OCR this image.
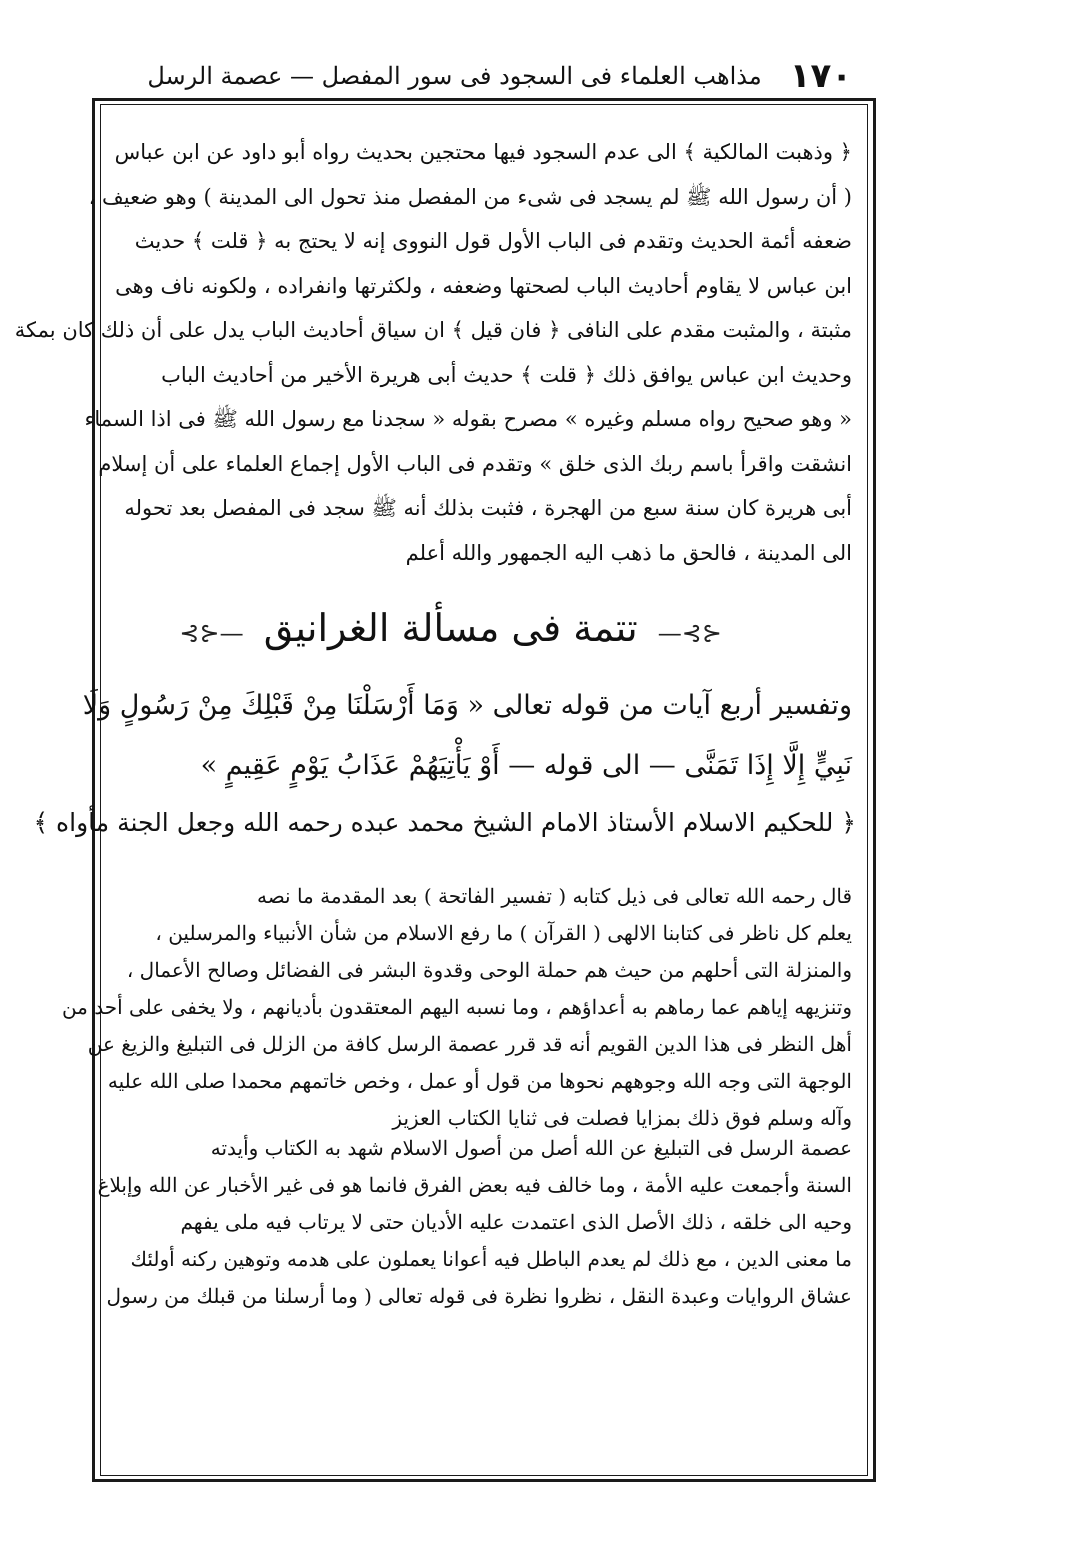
١٧٠
مذاهب العلماء فى السجود فى سور المفصل — عصمة الرسل
﴿ وذهبت المالكية ﴾ الى عدم السجود فيها محتجين بحديث رواه أبو داود عن ابن عباس
( أن رسول الله ﷺ لم يسجد فى شىء من المفصل منذ تحول الى المدينة ) وهو ضعيف ،
ضعفه أئمة الحديث وتقدم فى الباب الأول قول النووى إنه لا يحتج به ﴿ قلت ﴾ حديث
ابن عباس لا يقاوم أحاديث الباب لصحتها وضعفه ، ولكثرتها وانفراده ، ولكونه ناف وهى
مثبتة ، والمثبت مقدم على النافى ﴿ فان قيل ﴾ ان سياق أحاديث الباب يدل على أن ذلك كان بمكة
وحديث ابن عباس يوافق ذلك ﴿ قلت ﴾ حديث أبى هريرة الأخير من أحاديث الباب
« وهو صحيح رواه مسلم وغيره » مصرح بقوله « سجدنا مع رسول الله ﷺ فى اذا السماء
انشقت واقرأ باسم ربك الذى خلق » وتقدم فى الباب الأول إجماع العلماء على أن إسلام
أبى هريرة كان سنة سبع من الهجرة ، فثبت بذلك أنه ﷺ سجد فى المفصل بعد تحوله
الى المدينة ، فالحق ما ذهب اليه الجمهور والله أعلم
⊰⊱— تتمة فى مسألة الغرانيق —⊰⊱
وتفسير أربع آيات من قوله تعالى « وَمَا أَرْسَلْنَا مِنْ قَبْلِكَ مِنْ رَسُولٍ وَلَا
نَبِيٍّ إِلَّا إِذَا تَمَنَّى — الى قوله — أَوْ يَأْتِيَهُمْ عَذَابُ يَوْمٍ عَقِيمٍ »
﴿ للحكيم الاسلام الأستاذ الامام الشيخ محمد عبده رحمه الله وجعل الجنة مأواه ﴾
قال رحمه الله تعالى فى ذيل كتابه ( تفسير الفاتحة ) بعد المقدمة ما نصه
يعلم كل ناظر فى كتابنا الالهى ( القرآن ) ما رفع الاسلام من شأن الأنبياء والمرسلين ،
والمنزلة التى أحلهم من حيث هم حملة الوحى وقدوة البشر فى الفضائل وصالح الأعمال ،
وتنزيهه إياهم عما رماهم به أعداؤهم ، وما نسبه اليهم المعتقدون بأديانهم ، ولا يخفى على أحد من
أهل النظر فى هذا الدين القويم أنه قد قرر عصمة الرسل كافة من الزلل فى التبليغ والزيغ عن
الوجهة التى وجه الله وجوههم نحوها من قول أو عمل ، وخص خاتمهم محمدا صلى الله عليه
وآله وسلم فوق ذلك بمزايا فصلت فى ثنايا الكتاب العزيز
عصمة الرسل فى التبليغ عن الله أصل من أصول الاسلام شهد به الكتاب وأيدته
السنة وأجمعت عليه الأمة ، وما خالف فيه بعض الفرق فانما هو فى غير الأخبار عن الله وإبلاغ
وحيه الى خلقه ، ذلك الأصل الذى اعتمدت عليه الأديان حتى لا يرتاب فيه ملى يفهم
ما معنى الدين ، مع ذلك لم يعدم الباطل فيه أعوانا يعملون على هدمه وتوهين ركنه أولئك
عشاق الروايات وعبدة النقل ، نظروا نظرة فى قوله تعالى ( وما أرسلنا من قبلك من رسول
